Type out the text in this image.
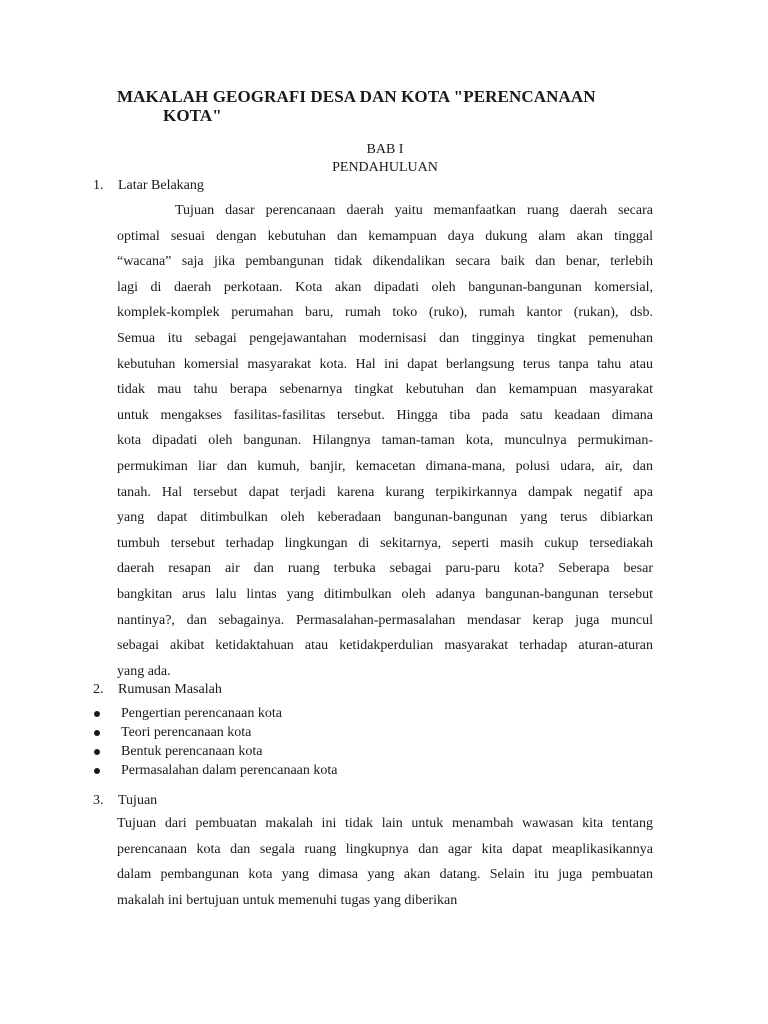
MAKALAH GEOGRAFI DESA DAN KOTA "PERENCANAAN
KOTA"
BAB I
PENDAHULUAN
1.	Latar Belakang
Tujuan dasar perencanaan daerah yaitu memanfaatkan ruang daerah secara
optimal sesuai dengan kebutuhan dan kemampuan daya dukung alam akan tinggal
“wacana” saja jika pembangunan tidak dikendalikan secara baik dan benar, terlebih
lagi di daerah perkotaan. Kota akan dipadati oleh bangunan-bangunan komersial,
komplek-komplek perumahan baru, rumah toko (ruko), rumah kantor (rukan), dsb.
Semua itu sebagai pengejawantahan modernisasi dan tingginya tingkat pemenuhan
kebutuhan komersial masyarakat kota. Hal ini dapat berlangsung terus tanpa tahu atau
tidak mau tahu berapa sebenarnya tingkat kebutuhan dan kemampuan masyarakat
untuk mengakses fasilitas-fasilitas tersebut. Hingga tiba pada satu keadaan dimana
kota dipadati oleh bangunan. Hilangnya taman-taman kota, munculnya permukiman-
permukiman liar dan kumuh, banjir, kemacetan dimana-mana, polusi udara, air, dan
tanah. Hal tersebut dapat terjadi karena kurang terpikirkannya dampak negatif apa
yang dapat ditimbulkan oleh keberadaan bangunan-bangunan yang terus dibiarkan
tumbuh tersebut terhadap lingkungan di sekitarnya, seperti masih cukup tersediakah
daerah resapan air dan ruang terbuka sebagai paru-paru kota? Seberapa besar
bangkitan arus lalu lintas yang ditimbulkan oleh adanya bangunan-bangunan tersebut
nantinya?, dan sebagainya. Permasalahan-permasalahan mendasar kerap juga muncul
sebagai akibat ketidaktahuan atau ketidakperdulian masyarakat terhadap aturan-aturan
yang ada.
2.	Rumusan Masalah
Pengertian perencanaan kota
Teori perencanaan kota
Bentuk perencanaan kota
Permasalahan dalam perencanaan kota
3.	Tujuan
Tujuan dari pembuatan makalah ini tidak lain untuk menambah wawasan kita tentang
perencanaan kota dan segala ruang lingkupnya dan agar kita dapat meaplikasikannya
dalam pembangunan kota yang dimasa yang akan datang. Selain itu juga pembuatan
makalah ini bertujuan untuk memenuhi tugas yang diberikan
